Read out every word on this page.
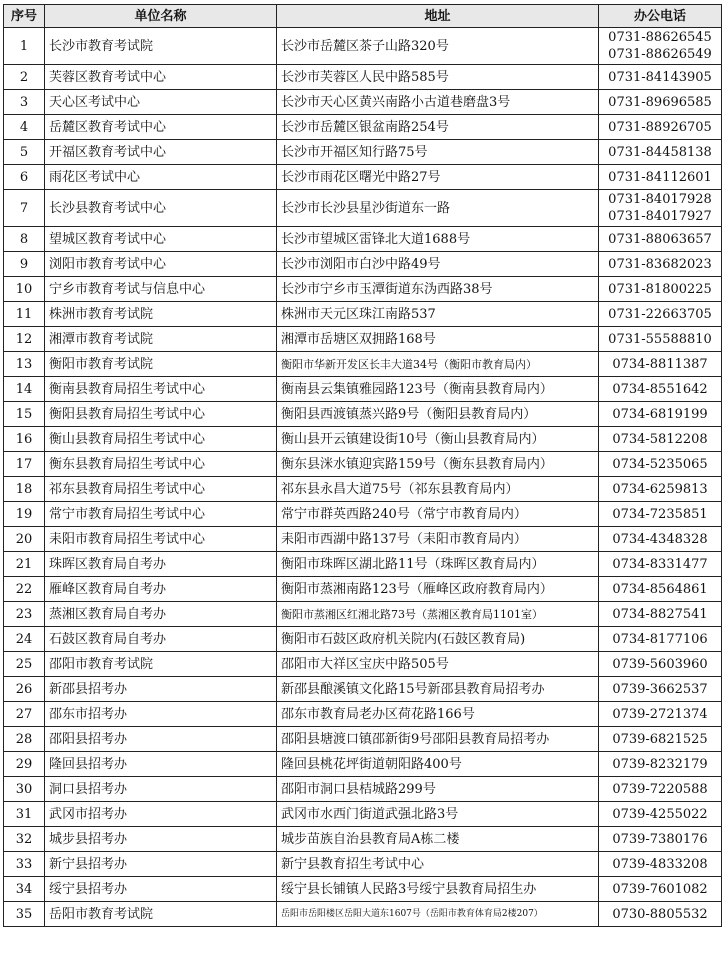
序号	单位名称	地址	办公电话
1	长沙市教育考试院	长沙市岳麓区茶子山路320号	0731-88626545
0731-88626549

2	芙蓉区教育考试中心	长沙市芙蓉区人民中路585号	0731-84143905

3	天心区考试中心	长沙市天心区黄兴南路小古道巷磨盘3号	0731-89696585

4	岳麓区教育考试中心	长沙市岳麓区银盆南路254号	0731-88926705

5	开福区教育考试中心	长沙市开福区知行路75号	0731-84458138

6	雨花区考试中心	长沙市雨花区曙光中路27号	0731-84112601

7	长沙县教育考试中心	长沙市长沙县星沙街道东一路	0731-84017928
0731-84017927

8	望城区教育考试中心	长沙市望城区雷锋北大道1688号	0731-88063657

9	浏阳市教育考试中心	长沙市浏阳市白沙中路49号	0731-83682023

10	宁乡市教育考试与信息中心	长沙市宁乡市玉潭街道东沩西路38号	0731-81800225

11	株洲市教育考试院	株洲市天元区珠江南路537	0731-22663705

12	湘潭市教育考试院	湘潭市岳塘区双拥路168号	0731-55588810

13	衡阳市教育考试院	衡阳市华新开发区长丰大道34号（衡阳市教育局内）	0734-8811387

14	衡南县教育局招生考试中心	衡南县云集镇雅园路123号（衡南县教育局内）	0734-8551642

15	衡阳县教育局招生考试中心	衡阳县西渡镇蒸兴路9号（衡阳县教育局内）	0734-6819199

16	衡山县教育局招生考试中心	衡山县开云镇建设街10号（衡山县教育局内）	0734-5812208

17	衡东县教育局招生考试中心	衡东县洣水镇迎宾路159号（衡东县教育局内）	0734-5235065

18	祁东县教育局招生考试中心	祁东县永昌大道75号（祁东县教育局内）	0734-6259813

19	常宁市教育局招生考试中心	常宁市群英西路240号（常宁市教育局内）	0734-7235851

20	耒阳市教育局招生考试中心	耒阳市西湖中路137号（耒阳市教育局内）	0734-4348328

21	珠晖区教育局自考办	衡阳市珠晖区湖北路11号（珠晖区教育局内）	0734-8331477

22	雁峰区教育局自考办	衡阳市蒸湘南路123号（雁峰区政府教育局内）	0734-8564861

23	蒸湘区教育局自考办	衡阳市蒸湘区红湘北路73号（蒸湘区教育局1101室）	0734-8827541

24	石鼓区教育局自考办	衡阳市石鼓区政府机关院内(石鼓区教育局)	0734-8177106

25	邵阳市教育考试院	邵阳市大祥区宝庆中路505号	0739-5603960

26	新邵县招考办	新邵县酿溪镇文化路15号新邵县教育局招考办	0739-3662537

27	邵东市招考办	邵东市教育局老办区荷花路166号	0739-2721374

28	邵阳县招考办	邵阳县塘渡口镇邵新街9号邵阳县教育局招考办	0739-6821525

29	隆回县招考办	隆回县桃花坪街道朝阳路400号	0739-8232179

30	洞口县招考办	邵阳市洞口县桔城路299号	0739-7220588

31	武冈市招考办	武冈市水西门街道武强北路3号	0739-4255022

32	城步县招考办	城步苗族自治县教育局A栋二楼	0739-7380176

33	新宁县招考办	新宁县教育招生考试中心	0739-4833208

34	绥宁县招考办	绥宁县长铺镇人民路3号绥宁县教育局招生办	0739-7601082

35	岳阳市教育考试院	岳阳市岳阳楼区岳阳大道东1607号（岳阳市教育体育局2楼207）	0730-8805532
